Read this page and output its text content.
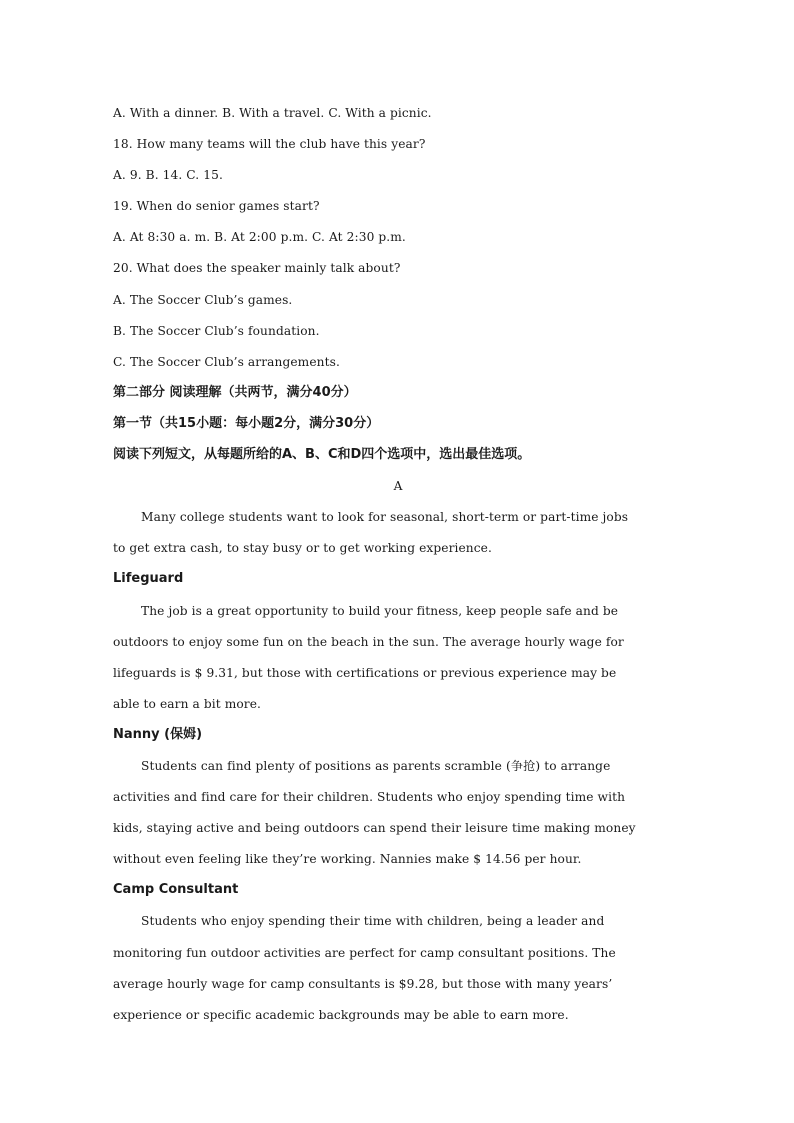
A. With a dinner. B. With a travel. C. With a picnic.
18. How many teams will the club have this year?
A. 9. B. 14. C. 15.
19. When do senior games start?
A. At 8:30 a. m. B. At 2:00 p.m. C. At 2:30 p.m.
20. What does the speaker mainly talk about?
A. The Soccer Club’s games.
B. The Soccer Club’s foundation.
C. The Soccer Club’s arrangements.
第二部分 阅读理解（共两节，满分40分）
第一节（共15小题：每小题2分，满分30分）
阅读下列短文，从每题所给的A、B、C和D四个选项中，选出最佳选项。
A
Many college students want to look for seasonal, short-term or part-time jobs
to get extra cash, to stay busy or to get working experience.
Lifeguard
The job is a great opportunity to build your fitness, keep people safe and be
outdoors to enjoy some fun on the beach in the sun. The average hourly wage for
lifeguards is $ 9.31, but those with certifications or previous experience may be
able to earn a bit more.
Nanny (保姆)
Students can find plenty of positions as parents scramble (争抢) to arrange
activities and find care for their children. Students who enjoy spending time with
kids, staying active and being outdoors can spend their leisure time making money
without even feeling like they’re working. Nannies make $ 14.56 per hour.
Camp Consultant
Students who enjoy spending their time with children, being a leader and
monitoring fun outdoor activities are perfect for camp consultant positions. The
average hourly wage for camp consultants is $9.28, but those with many years’
experience or specific academic backgrounds may be able to earn more.
